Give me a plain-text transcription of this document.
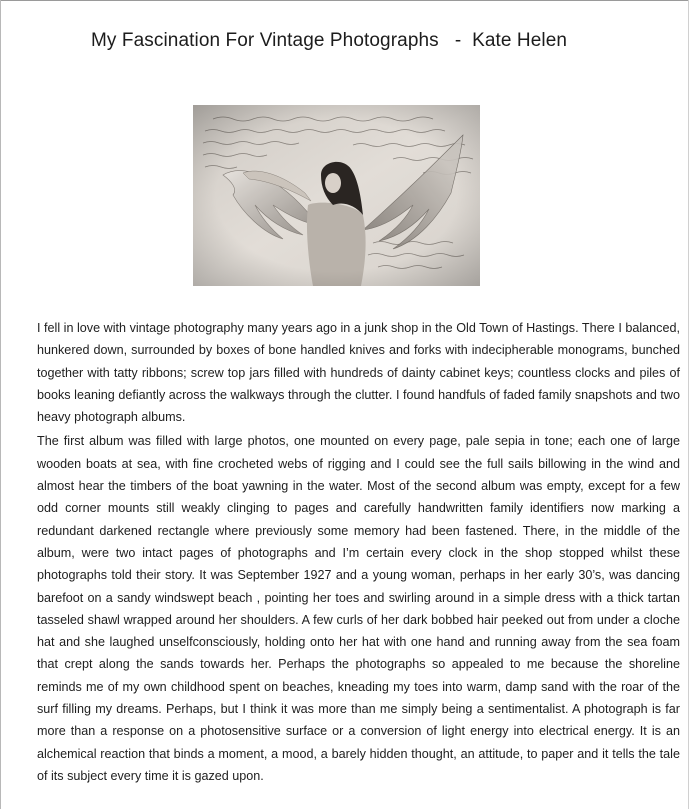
My Fascination For Vintage Photographs   -  Kate Helen

I fell in love with vintage photography many years ago in a junk shop in the Old Town of Hastings. There I balanced, hunkered down, surrounded by boxes of bone handled knives and forks with indecipherable monograms, bunched together with tatty ribbons; screw top jars filled with hundreds of dainty cabinet keys; countless clocks and piles of books leaning defiantly across the walkways through the clutter. I found handfuls of faded family snapshots and two heavy photograph albums.

The first album was filled with large photos, one mounted on every page, pale sepia in tone; each one of large wooden boats at sea, with fine crocheted webs of rigging and I could see the full sails billowing in the wind and almost hear the timbers of the boat yawning in the water. Most of the second album was empty, except for a few odd corner mounts still weakly clinging to pages and carefully handwritten family identifiers now marking a redundant darkened rectangle where previously some memory had been fastened. There, in the middle of the album, were two intact pages of photographs and I’m certain every clock in the shop stopped whilst these photographs told their story. It was September 1927 and a young woman, perhaps in her early 30’s, was dancing barefoot on a sandy windswept beach , pointing her toes and swirling around in a simple dress with a thick tartan tasseled shawl wrapped around her shoulders. A few curls of her dark bobbed hair peeked out from under a cloche hat and she laughed unselfconsciously, holding onto her hat with one hand and running away from the sea foam that crept along the sands towards her. Perhaps the photographs so appealed to me because the shoreline reminds me of my own childhood spent on beaches, kneading my toes into warm, damp sand with the roar of the surf filling my dreams. Perhaps, but I think it was more than me simply being a sentimentalist. A photograph is far more than a response on a photosensitive surface or a conversion of light energy into electrical energy. It is an alchemical reaction that binds a moment, a mood, a barely hidden thought, an attitude, to paper and it tells the tale of its subject every time it is gazed upon.
